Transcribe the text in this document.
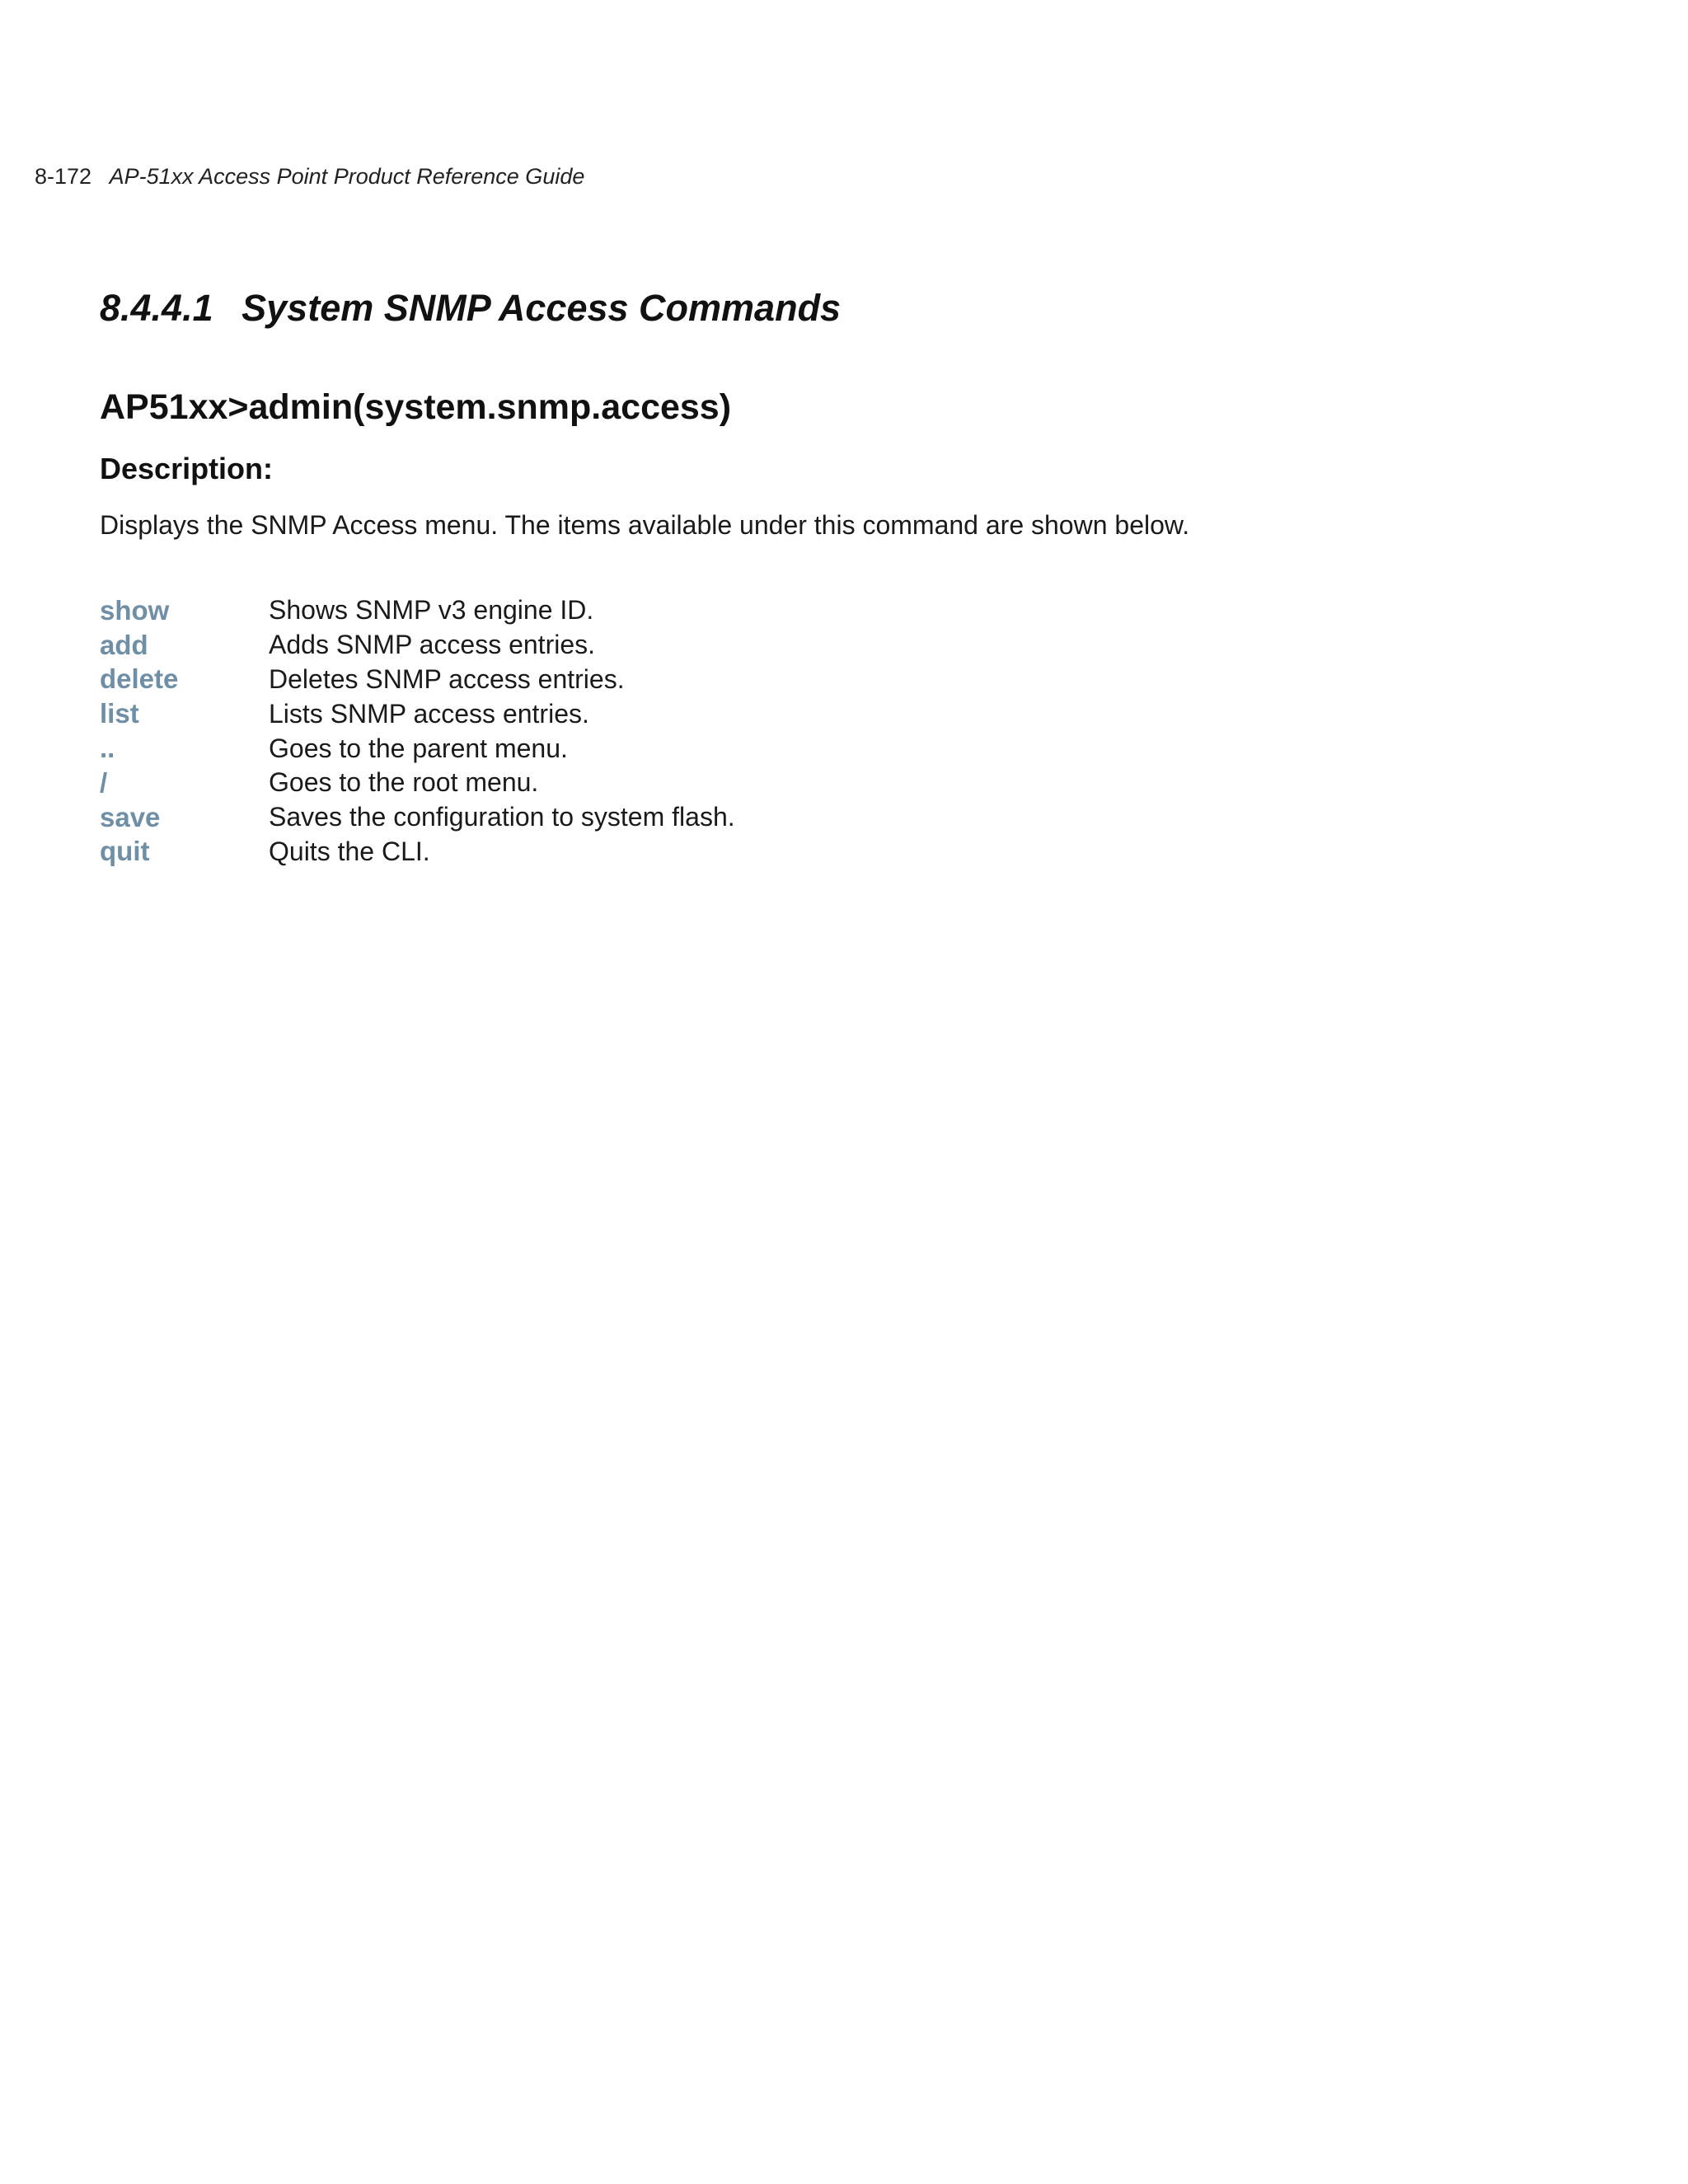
8-172 AP-51xx Access Point Product Reference Guide
8.4.4.1 System SNMP Access Commands
AP51xx>admin(system.snmp.access)
Description:

Displays the SNMP Access menu. The items available under this command are shown below.

show	Shows SNMP v3 engine ID.
add	Adds SNMP access entries.
delete	Deletes SNMP access entries.
list	Lists SNMP access entries.
..	Goes to the parent menu.
/	Goes to the root menu.
save	Saves the configuration to system flash.
quit	Quits the CLI.
